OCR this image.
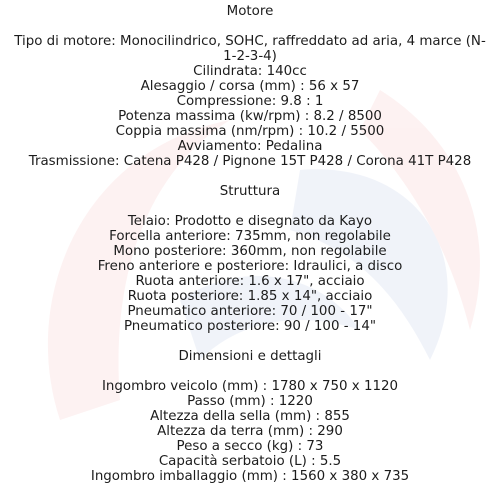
Motore
Tipo di motore: Monocilindrico, SOHC, raffreddato ad aria, 4 marce (N-
1-2-3-4)
Cilindrata: 140cc
Alesaggio / corsa (mm) : 56 x 57
Compressione: 9.8 : 1
Potenza massima (kw/rpm) : 8.2 / 8500
Coppia massima (nm/rpm) : 10.2 / 5500
Avviamento: Pedalina
Trasmissione: Catena P428 / Pignone 15T P428 / Corona 41T P428
Struttura
Telaio: Prodotto e disegnato da Kayo
Forcella anteriore: 735mm, non regolabile
Mono posteriore: 360mm, non regolabile
Freno anteriore e posteriore: Idraulici, a disco
Ruota anteriore: 1.6 x 17", acciaio
Ruota posteriore: 1.85 x 14", acciaio
Pneumatico anteriore: 70 / 100 - 17"
Pneumatico posteriore: 90 / 100 - 14"
Dimensioni e dettagli
Ingombro veicolo (mm) : 1780 x 750 x 1120
Passo (mm) : 1220
Altezza della sella (mm) : 855
Altezza da terra (mm) : 290
Peso a secco (kg) : 73
Capacità serbatoio (L) : 5.5
Ingombro imballaggio (mm) : 1560 x 380 x 735
